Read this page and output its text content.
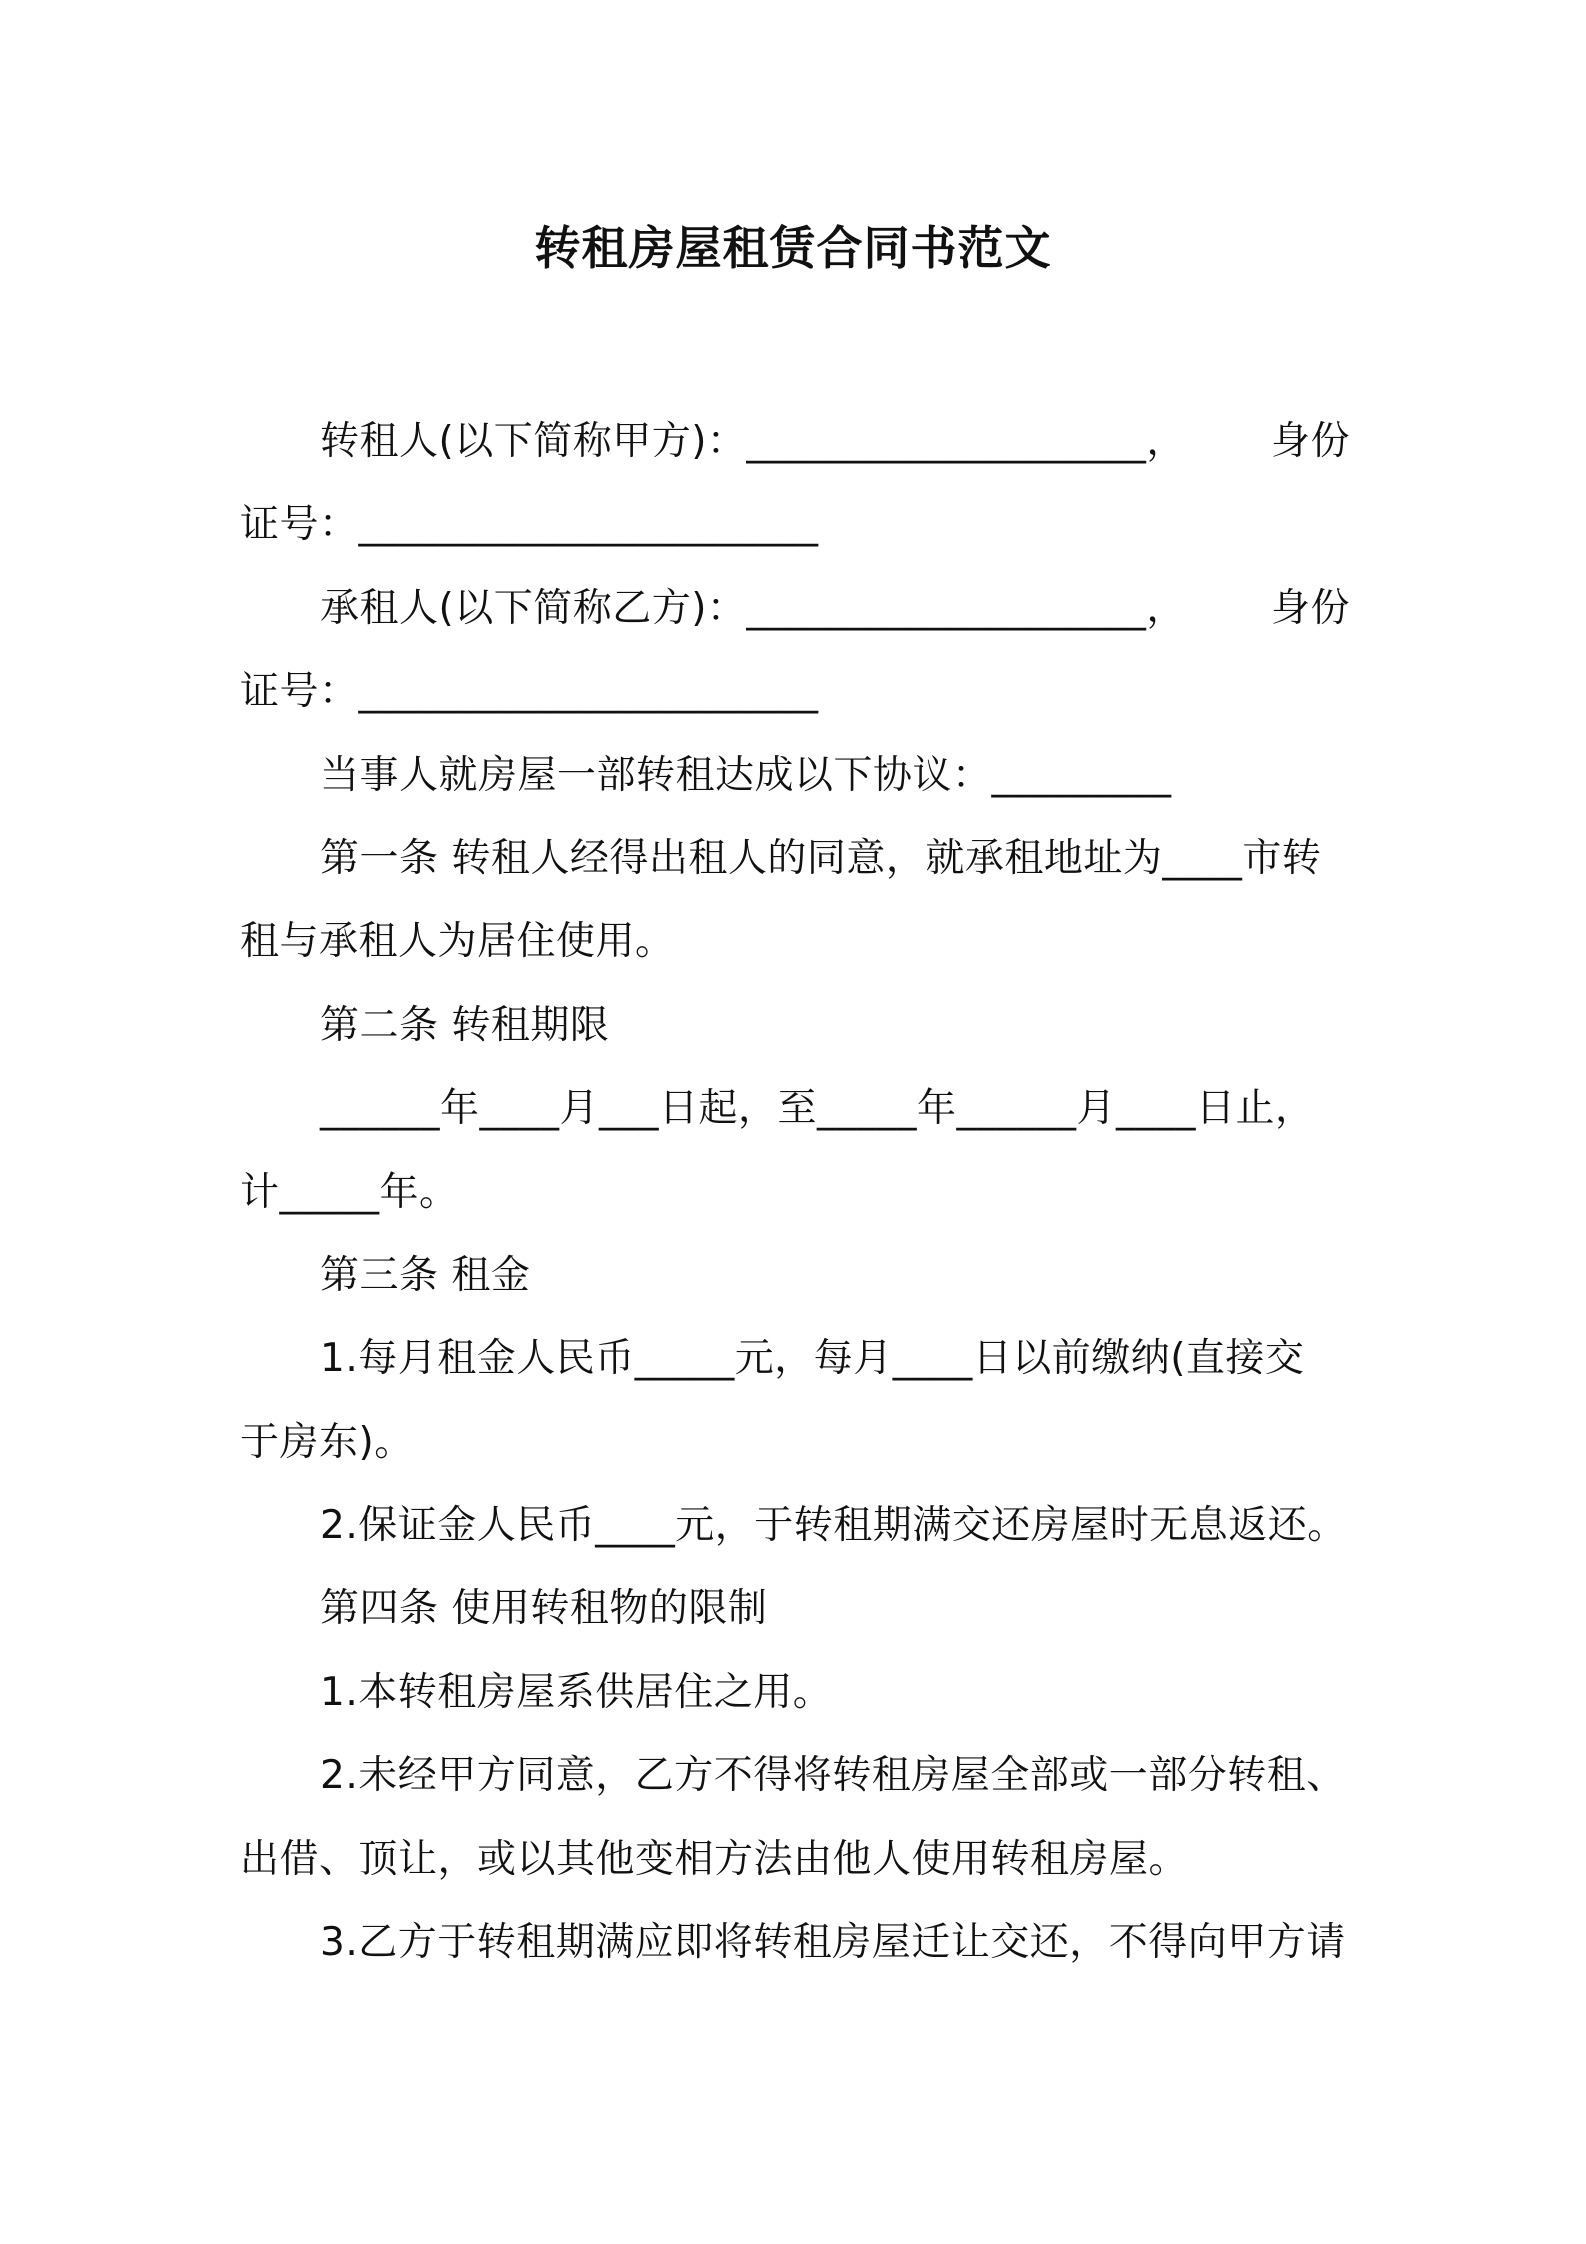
转租房屋租赁合同书范文
转租人(以下简称甲方)：____________________， 身份
证号：_______________________
承租人(以下简称乙方)：____________________， 身份
证号：_______________________
当事人就房屋一部转租达成以下协议：_________
第一条 转租人经得出租人的同意，就承租地址为____市转
租与承租人为居住使用。
第二条 转租期限
______年____月___日起，至_____年______月____日止，
计_____年。
第三条 租金
1.每月租金人民币_____元，每月____日以前缴纳(直接交
于房东)。
2.保证金人民币____元，于转租期满交还房屋时无息返还。
第四条 使用转租物的限制
1.本转租房屋系供居住之用。
2.未经甲方同意，乙方不得将转租房屋全部或一部分转租、
出借、顶让，或以其他变相方法由他人使用转租房屋。
3.乙方于转租期满应即将转租房屋迁让交还，不得向甲方请
